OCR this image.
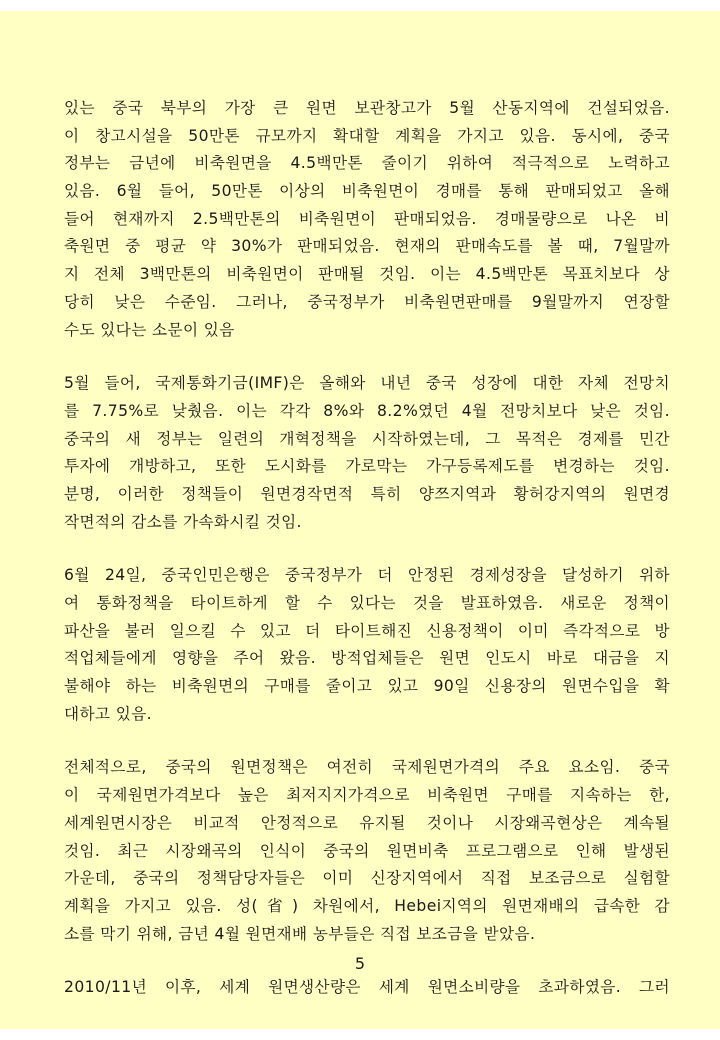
있는 중국 북부의 가장 큰 원면 보관창고가 5월 산동지역에 건설되었음.
이 창고시설을 50만톤 규모까지 확대할 계획을 가지고 있음. 동시에, 중국
정부는 금년에 비축원면을 4.5백만톤 줄이기 위하여 적극적으로 노력하고
있음. 6월 들어, 50만톤 이상의 비축원면이 경매를 통해 판매되었고 올해
들어 현재까지 2.5백만톤의 비축원면이 판매되었음. 경매물량으로 나온 비
축원면 중 평균 약 30%가 판매되었음. 현재의 판매속도를 볼 때, 7월말까
지 전체 3백만톤의 비축원면이 판매될 것임. 이는 4.5백만톤 목표치보다 상
당히 낮은 수준임. 그러나, 중국정부가 비축원면판매를 9월말까지 연장할
수도 있다는 소문이 있음
5월 들어, 국제통화기금(IMF)은 올해와 내년 중국 성장에 대한 자체 전망치
를 7.75%로 낮췄음. 이는 각각 8%와 8.2%였던 4월 전망치보다 낮은 것임.
중국의 새 정부는 일련의 개혁정책을 시작하였는데, 그 목적은 경제를 민간
투자에 개방하고, 또한 도시화를 가로막는 가구등록제도를 변경하는 것임.
분명, 이러한 정책들이 원면경작면적 특히 양쯔지역과 황허강지역의 원면경
작면적의 감소를 가속화시킬 것임.
6월 24일, 중국인민은행은 중국정부가 더 안정된 경제성장을 달성하기 위하
여 통화정책을 타이트하게 할 수 있다는 것을 발표하였음. 새로운 정책이
파산을 불러 일으킬 수 있고 더 타이트해진 신용정책이 이미 즉각적으로 방
적업체들에게 영향을 주어 왔음. 방적업체들은 원면 인도시 바로 대금을 지
불해야 하는 비축원면의 구매를 줄이고 있고 90일 신용장의 원면수입을 확
대하고 있음.
전체적으로, 중국의 원면정책은 여전히 국제원면가격의 주요 요소임. 중국
이 국제원면가격보다 높은 최저지지가격으로 비축원면 구매를 지속하는 한,
세계원면시장은 비교적 안정적으로 유지될 것이나 시장왜곡현상은 계속될
것임. 최근 시장왜곡의 인식이 중국의 원면비축 프로그램으로 인해 발생된
가운데, 중국의 정책담당자들은 이미 신장지역에서 직접 보조금으로 실험할
계획을 가지고 있음. 성(省) 차원에서, Hebei지역의 원면재배의 급속한 감
소를 막기 위해, 금년 4월 원면재배 농부들은 직접 보조금을 받았음.
2010/11년 이후, 세계 원면생산량은 세계 원면소비량을 초과하였음. 그러
5
